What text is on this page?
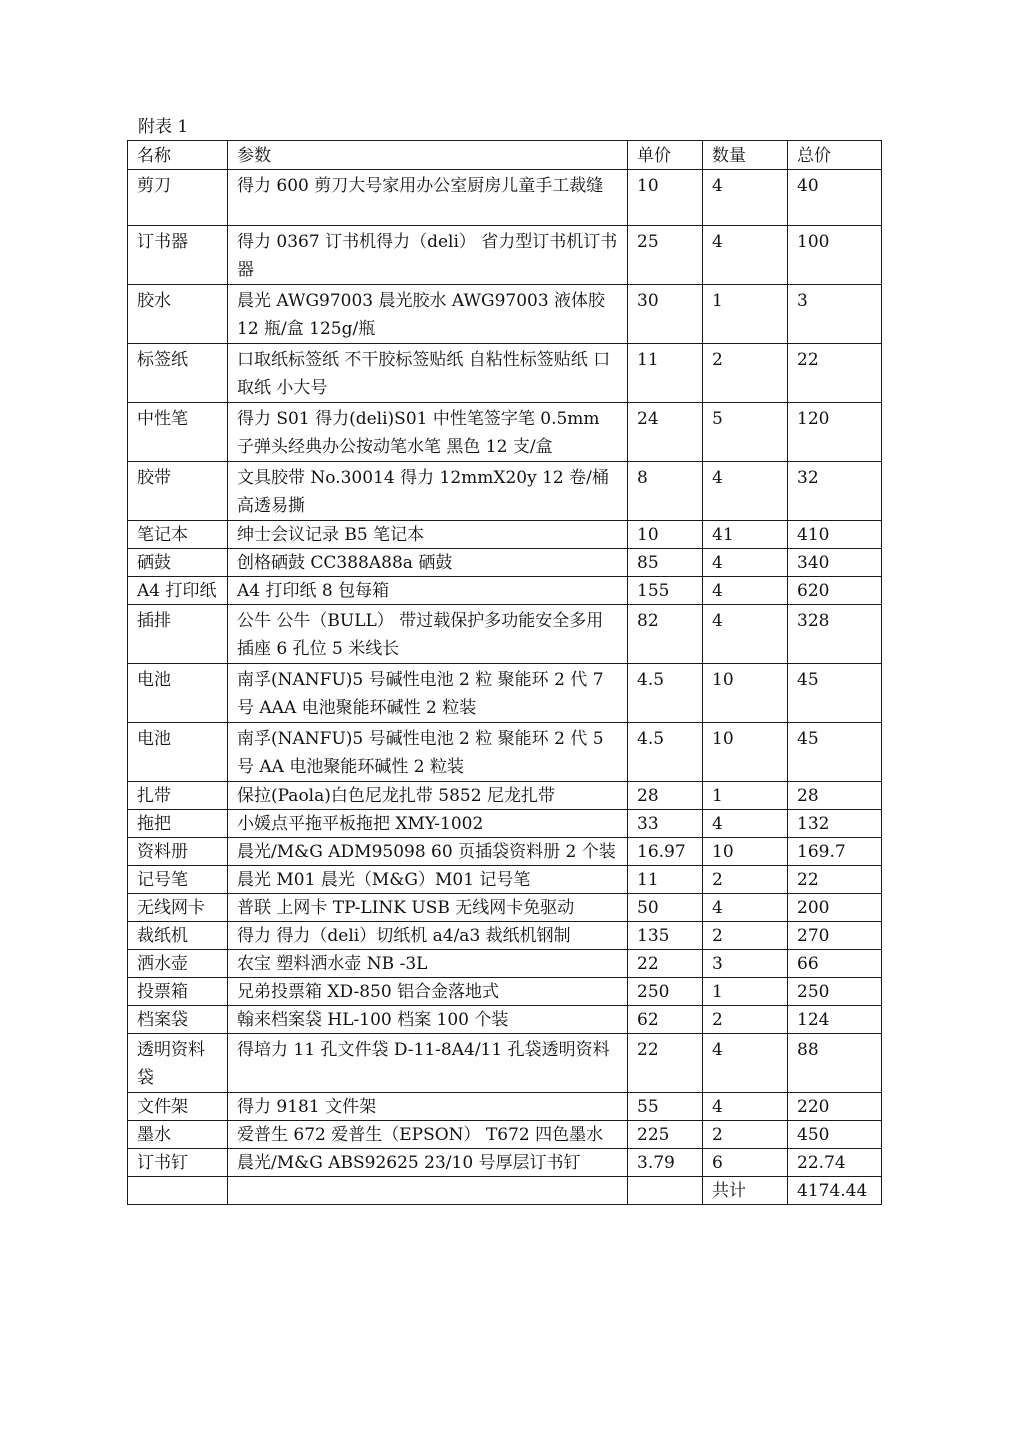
附表 1
名称	参数	单价	数量	总价
剪刀	得力 600 剪刀大号家用办公室厨房儿童手工裁缝	10	4	40
订书器	得力 0367 订书机得力（deli） 省力型订书机订书器	25	4	100
胶水	晨光 AWG97003 晨光胶水 AWG97003 液体胶 12 瓶/盒 125g/瓶	30	1	3
标签纸	口取纸标签纸 不干胶标签贴纸 自粘性标签贴纸 口取纸 小大号	11	2	22
中性笔	得力 S01 得力(deli)S01 中性笔签字笔 0.5mm 子弹头经典办公按动笔水笔 黑色 12 支/盒	24	5	120
胶带	文具胶带 No.30014 得力 12mmX20y 12 卷/桶 高透易撕	8	4	32
笔记本	绅士会议记录 B5 笔记本	10	41	410
硒鼓	创格硒鼓 CC388A88a 硒鼓	85	4	340
A4 打印纸	A4 打印纸 8 包每箱	155	4	620
插排	公牛 公牛（BULL） 带过载保护多功能安全多用插座 6 孔位 5 米线长	82	4	328
电池	南孚(NANFU)5 号碱性电池 2 粒 聚能环 2 代 7 号 AAA 电池聚能环碱性 2 粒装	4.5	10	45
电池	南孚(NANFU)5 号碱性电池 2 粒 聚能环 2 代 5 号 AA 电池聚能环碱性 2 粒装	4.5	10	45
扎带	保拉(Paola)白色尼龙扎带 5852 尼龙扎带	28	1	28
拖把	小媛点平拖平板拖把 XMY-1002	33	4	132
资料册	晨光/M&G ADM95098 60 页插袋资料册 2 个装	16.97	10	169.7
记号笔	晨光 M01 晨光（M&G）M01 记号笔	11	2	22
无线网卡	普联 上网卡 TP-LINK USB 无线网卡免驱动	50	4	200
裁纸机	得力 得力（deli）切纸机 a4/a3 裁纸机钢制	135	2	270
洒水壶	农宝 塑料洒水壶 NB -3L	22	3	66
投票箱	兄弟投票箱 XD-850 铝合金落地式	250	1	250
档案袋	翰来档案袋 HL-100 档案 100 个装	62	2	124
透明资料袋	得培力 11 孔文件袋 D-11-8A4/11 孔袋透明资料	22	4	88
文件架	得力 9181 文件架	55	4	220
墨水	爱普生 672 爱普生（EPSON） T672 四色墨水	225	2	450
订书钉	晨光/M&G ABS92625 23/10 号厚层订书钉	3.79	6	22.74
			共计	4174.44
